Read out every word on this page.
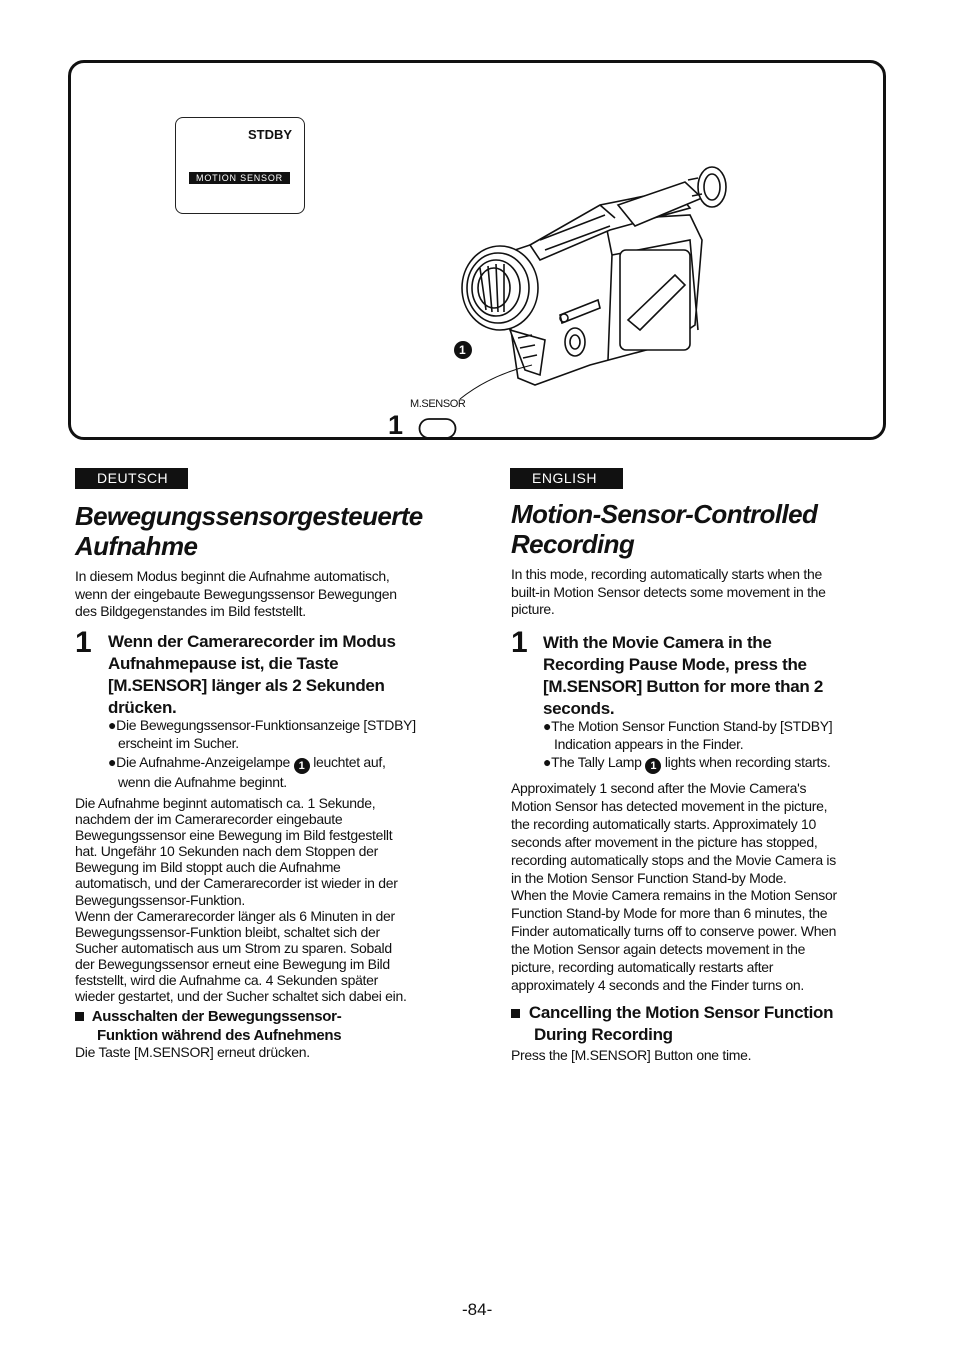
STDBY
MOTION SENSOR
1
M.SENSOR
1
DEUTSCH
Bewegungssensorgesteuerte
Aufnahme
In diesem Modus beginnt die Aufnahme automatisch,
wenn der eingebaute Bewegungssensor Bewegungen
des Bildgegenstandes im Bild feststellt.
1 Wenn der Camerarecorder im Modus
Aufnahmepause ist, die Taste
[M.SENSOR] länger als 2 Sekunden
drücken.
●Die Bewegungssensor-Funktionsanzeige [STDBY]
erscheint im Sucher.
●Die Aufnahme-Anzeigelampe 1 leuchtet auf,
wenn die Aufnahme beginnt.
Die Aufnahme beginnt automatisch ca. 1 Sekunde,
nachdem der im Camerarecorder eingebaute
Bewegungssensor eine Bewegung im Bild festgestellt
hat. Ungefähr 10 Sekunden nach dem Stoppen der
Bewegung im Bild stoppt auch die Aufnahme
automatisch, und der Camerarecorder ist wieder in der
Bewegungssensor-Funktion.
Wenn der Camerarecorder länger als 6 Minuten in der
Bewegungssensor-Funktion bleibt, schaltet sich der
Sucher automatisch aus um Strom zu sparen. Sobald
der Bewegungssensor erneut eine Bewegung im Bild
feststellt, wird die Aufnahme ca. 4 Sekunden später
wieder gestartet, und der Sucher schaltet sich dabei ein.
Ausschalten der Bewegungssensor-
Funktion während des Aufnehmens
Die Taste [M.SENSOR] erneut drücken.
ENGLISH
Motion-Sensor-Controlled
Recording
In this mode, recording automatically starts when the
built-in Motion Sensor detects some movement in the
picture.
1 With the Movie Camera in the
Recording Pause Mode, press the
[M.SENSOR] Button for more than 2
seconds.
●The Motion Sensor Function Stand-by [STDBY]
Indication appears in the Finder.
●The Tally Lamp 1 lights when recording starts.
Approximately 1 second after the Movie Camera's
Motion Sensor has detected movement in the picture,
the recording automatically starts. Approximately 10
seconds after movement in the picture has stopped,
recording automatically stops and the Movie Camera is
in the Motion Sensor Function Stand-by Mode.
When the Movie Camera remains in the Motion Sensor
Function Stand-by Mode for more than 6 minutes, the
Finder automatically turns off to conserve power. When
the Motion Sensor again detects movement in the
picture, recording automatically restarts after
approximately 4 seconds and the Finder turns on.
Cancelling the Motion Sensor Function
During Recording
Press the [M.SENSOR] Button one time.
-84-
